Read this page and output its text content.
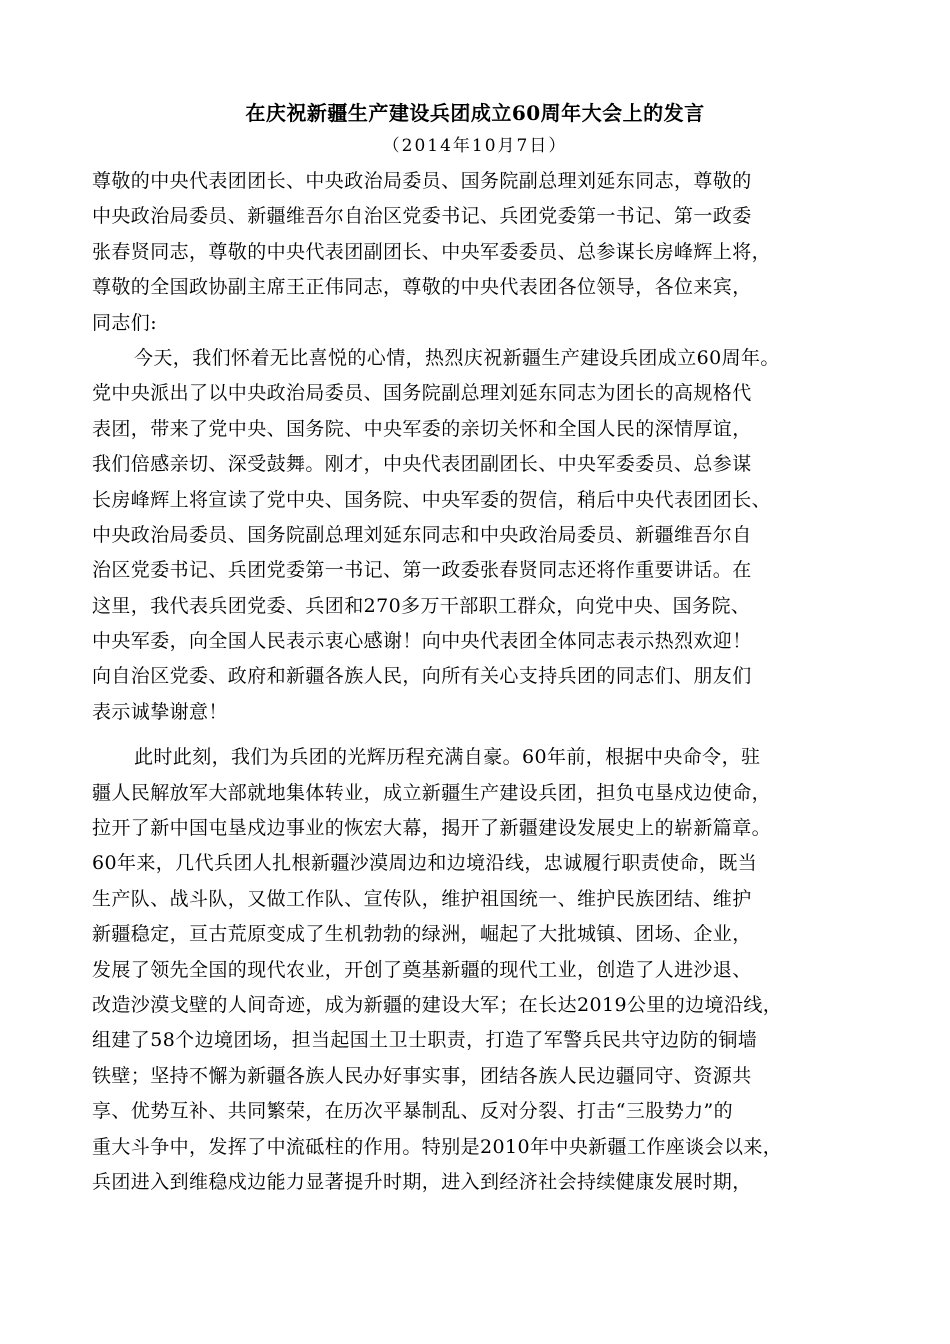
在庆祝新疆生产建设兵团成立60周年大会上的发言
（2014年10月7日）
尊敬的中央代表团团长、中央政治局委员、国务院副总理刘延东同志，尊敬的
中央政治局委员、新疆维吾尔自治区党委书记、兵团党委第一书记、第一政委
张春贤同志，尊敬的中央代表团副团长、中央军委委员、总参谋长房峰辉上将，
尊敬的全国政协副主席王正伟同志，尊敬的中央代表团各位领导，各位来宾，
同志们:
今天，我们怀着无比喜悦的心情，热烈庆祝新疆生产建设兵团成立60周年。
党中央派出了以中央政治局委员、国务院副总理刘延东同志为团长的高规格代
表团，带来了党中央、国务院、中央军委的亲切关怀和全国人民的深情厚谊，
我们倍感亲切、深受鼓舞。刚才，中央代表团副团长、中央军委委员、总参谋
长房峰辉上将宣读了党中央、国务院、中央军委的贺信，稍后中央代表团团长、
中央政治局委员、国务院副总理刘延东同志和中央政治局委员、新疆维吾尔自
治区党委书记、兵团党委第一书记、第一政委张春贤同志还将作重要讲话。在
这里，我代表兵团党委、兵团和270多万干部职工群众，向党中央、国务院、
中央军委，向全国人民表示衷心感谢！向中央代表团全体同志表示热烈欢迎！
向自治区党委、政府和新疆各族人民，向所有关心支持兵团的同志们、朋友们
表示诚挚谢意！
此时此刻，我们为兵团的光辉历程充满自豪。60年前，根据中央命令，驻
疆人民解放军大部就地集体转业，成立新疆生产建设兵团，担负屯垦戍边使命，
拉开了新中国屯垦戍边事业的恢宏大幕，揭开了新疆建设发展史上的崭新篇章。
60年来，几代兵团人扎根新疆沙漠周边和边境沿线，忠诚履行职责使命，既当
生产队、战斗队，又做工作队、宣传队，维护祖国统一、维护民族团结、维护
新疆稳定，亘古荒原变成了生机勃勃的绿洲，崛起了大批城镇、团场、企业，
发展了领先全国的现代农业，开创了奠基新疆的现代工业，创造了人进沙退、
改造沙漠戈壁的人间奇迹，成为新疆的建设大军；在长达2019公里的边境沿线，
组建了58个边境团场，担当起国土卫士职责，打造了军警兵民共守边防的铜墙
铁壁；坚持不懈为新疆各族人民办好事实事，团结各族人民边疆同守、资源共
享、优势互补、共同繁荣，在历次平暴制乱、反对分裂、打击“三股势力”的
重大斗争中，发挥了中流砥柱的作用。特别是2010年中央新疆工作座谈会以来，
兵团进入到维稳戍边能力显著提升时期，进入到经济社会持续健康发展时期，
